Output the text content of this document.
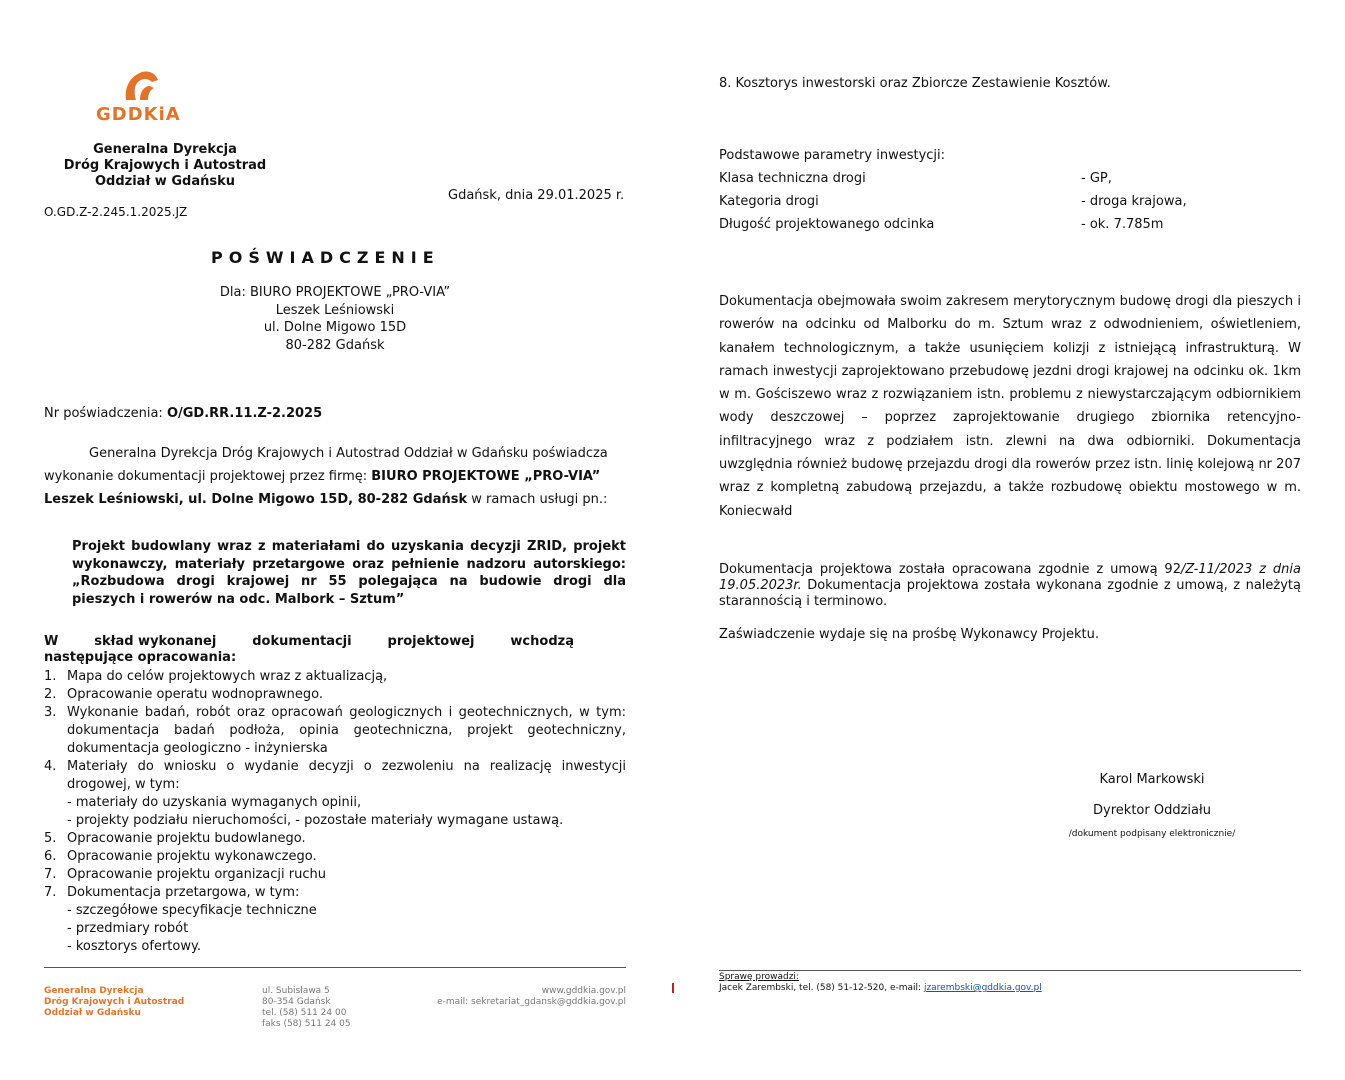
GDDKiA
Generalna Dyrekcja
Dróg Krajowych i Autostrad
Oddział w Gdańsku
O.GD.Z-2.245.1.2025.JZ
Gdańsk, dnia 29.01.2025 r.
POŚWIADCZENIE
Dla: BIURO PROJEKTOWE „PRO-VIA”
Leszek Leśniowski
ul. Dolne Migowo 15D
80-282 Gdańsk
Nr poświadczenia: O/GD.RR.11.Z-2.2025
Generalna Dyrekcja Dróg Krajowych i Autostrad Oddział w Gdańsku poświadcza
wykonanie dokumentacji projektowej przez firmę: BIURO PROJEKTOWE „PRO-VIA”
Leszek Leśniowski, ul. Dolne Migowo 15D, 80-282 Gdańsk w ramach usługi pn.:
Projekt budowlany wraz z materiałami do uzyskania decyzji ZRID, projekt wykonawczy, materiały przetargowe oraz pełnienie nadzoru autorskiego: „Rozbudowa drogi krajowej nr 55 polegająca na budowie drogi dla pieszych i rowerów na odc. Malbork – Sztum”
W	skład wykonanej	dokumentacji	projektowej	wchodzą
następujące opracowania:
1. Mapa do celów projektowych wraz z aktualizacją,
2. Opracowanie operatu wodnoprawnego.
3. Wykonanie badań, robót oraz opracowań geologicznych i geotechnicznych, w tym: dokumentacja badań podłoża, opinia geotechniczna, projekt geotechniczny, dokumentacja geologiczno - inżynierska
4. Materiały do wniosku o wydanie decyzji o zezwoleniu na realizację inwestycji drogowej, w tym:
- materiały do uzyskania wymaganych opinii,
- projekty podziału nieruchomości, - pozostałe materiały wymagane ustawą.
5. Opracowanie projektu budowlanego.
6. Opracowanie projektu wykonawczego.
7. Opracowanie projektu organizacji ruchu
7. Dokumentacja przetargowa, w tym:
- szczegółowe specyfikacje techniczne
- przedmiary robót
- kosztorys ofertowy.
Generalna Dyrekcja
Dróg Krajowych i Autostrad
Oddział w Gdańsku
ul. Subisława 5
80-354 Gdańsk
tel. (58) 511 24 00
faks (58) 511 24 05
www.gddkia.gov.pl
e-mail: sekretariat_gdansk@gddkia.gov.pl
8. Kosztorys inwestorski oraz Zbiorcze Zestawienie Kosztów.
Podstawowe parametry inwestycji:
Klasa techniczna drogi	- GP,
Kategoria drogi	- droga krajowa,
Długość projektowanego odcinka	- ok. 7.785m
Dokumentacja obejmowała swoim zakresem merytorycznym budowę drogi dla pieszych i rowerów na odcinku od Malborku do m. Sztum wraz z odwodnieniem, oświetleniem, kanałem technologicznym, a także usunięciem kolizji z istniejącą infrastrukturą. W ramach inwestycji zaprojektowano przebudowę jezdni drogi krajowej na odcinku ok. 1km w m. Gościszewo wraz z rozwiązaniem istn. problemu z niewystarczającym odbiornikiem wody deszczowej – poprzez zaprojektowanie drugiego zbiornika retencyjno-infiltracyjnego wraz z podziałem istn. zlewni na dwa odbiorniki. Dokumentacja uwzględnia również budowę przejazdu drogi dla rowerów przez istn. linię kolejową nr 207 wraz z kompletną zabudową przejazdu, a także rozbudowę obiektu mostowego w m. Koniecwałd
Dokumentacja projektowa została opracowana zgodnie z umową 92/Z-11/2023 z dnia 19.05.2023r. Dokumentacja projektowa została wykonana zgodnie z umową, z należytą starannością i terminowo.
Zaświadczenie wydaje się na prośbę Wykonawcy Projektu.
Karol Markowski
Dyrektor Oddziału
/dokument podpisany elektronicznie/
Sprawę prowadzi:
Jacek Zarembski, tel. (58) 51-12-520, e-mail: jzarembski@gddkia.gov.pl
